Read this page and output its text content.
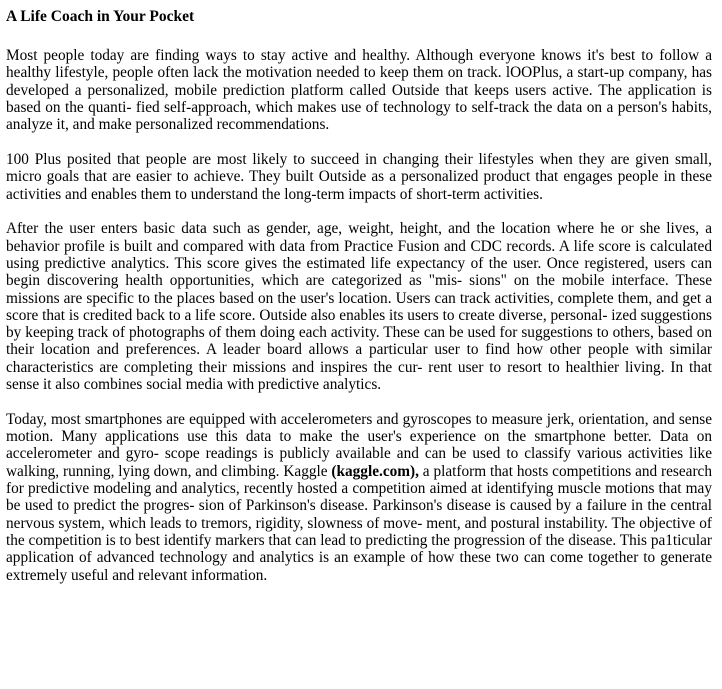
A Life Coach in Your Pocket

Most people today are finding ways to stay active and healthy. Although everyone knows it's best to follow a healthy lifestyle, people often lack the motivation needed to keep them on track. lOOPlus, a start-up company, has developed a personalized, mobile prediction platform called Outside that keeps users active. The application is based on the quanti- fied self-approach, which makes use of technology to self-track the data on a person's habits, analyze it, and make personalized recommendations.

100 Plus posited that people are most likely to succeed in changing their lifestyles when they are given small, micro goals that are easier to achieve. They built Outside as a personalized product that engages people in these activities and enables them to understand the long-term impacts of short-term activities.

After the user enters basic data such as gender, age, weight, height, and the location where he or she lives, a behavior profile is built and compared with data from Practice Fusion and CDC records. A life score is calculated using predictive analytics. This score gives the estimated life expectancy of the user. Once registered, users can begin discovering health opportunities, which are categorized as "mis- sions" on the mobile interface. These missions are specific to the places based on the user's location. Users can track activities, complete them, and get a score that is credited back to a life score. Outside also enables its users to create diverse, personal- ized suggestions by keeping track of photographs of them doing each activity. These can be used for suggestions to others, based on their location and preferences. A leader board allows a particular user to find how other people with similar characteristics are completing their missions and inspires the cur- rent user to resort to healthier living. In that sense it also combines social media with predictive analytics.

Today, most smartphones are equipped with accelerometers and gyroscopes to measure jerk, orientation, and sense motion. Many applications use this data to make the user's experience on the smartphone better. Data on accelerometer and gyro- scope readings is publicly available and can be used to classify various activities like walking, running, lying down, and climbing. Kaggle (kaggle.com), a platform that hosts competitions and research for predictive modeling and analytics, recently hosted a competition aimed at identifying muscle motions that may be used to predict the progres- sion of Parkinson's disease. Parkinson's disease is caused by a failure in the central nervous system, which leads to tremors, rigidity, slowness of move- ment, and postural instability. The objective of the competition is to best identify markers that can lead to predicting the progression of the disease. This pa1ticular application of advanced technology and analytics is an example of how these two can come together to generate extremely useful and relevant information.
